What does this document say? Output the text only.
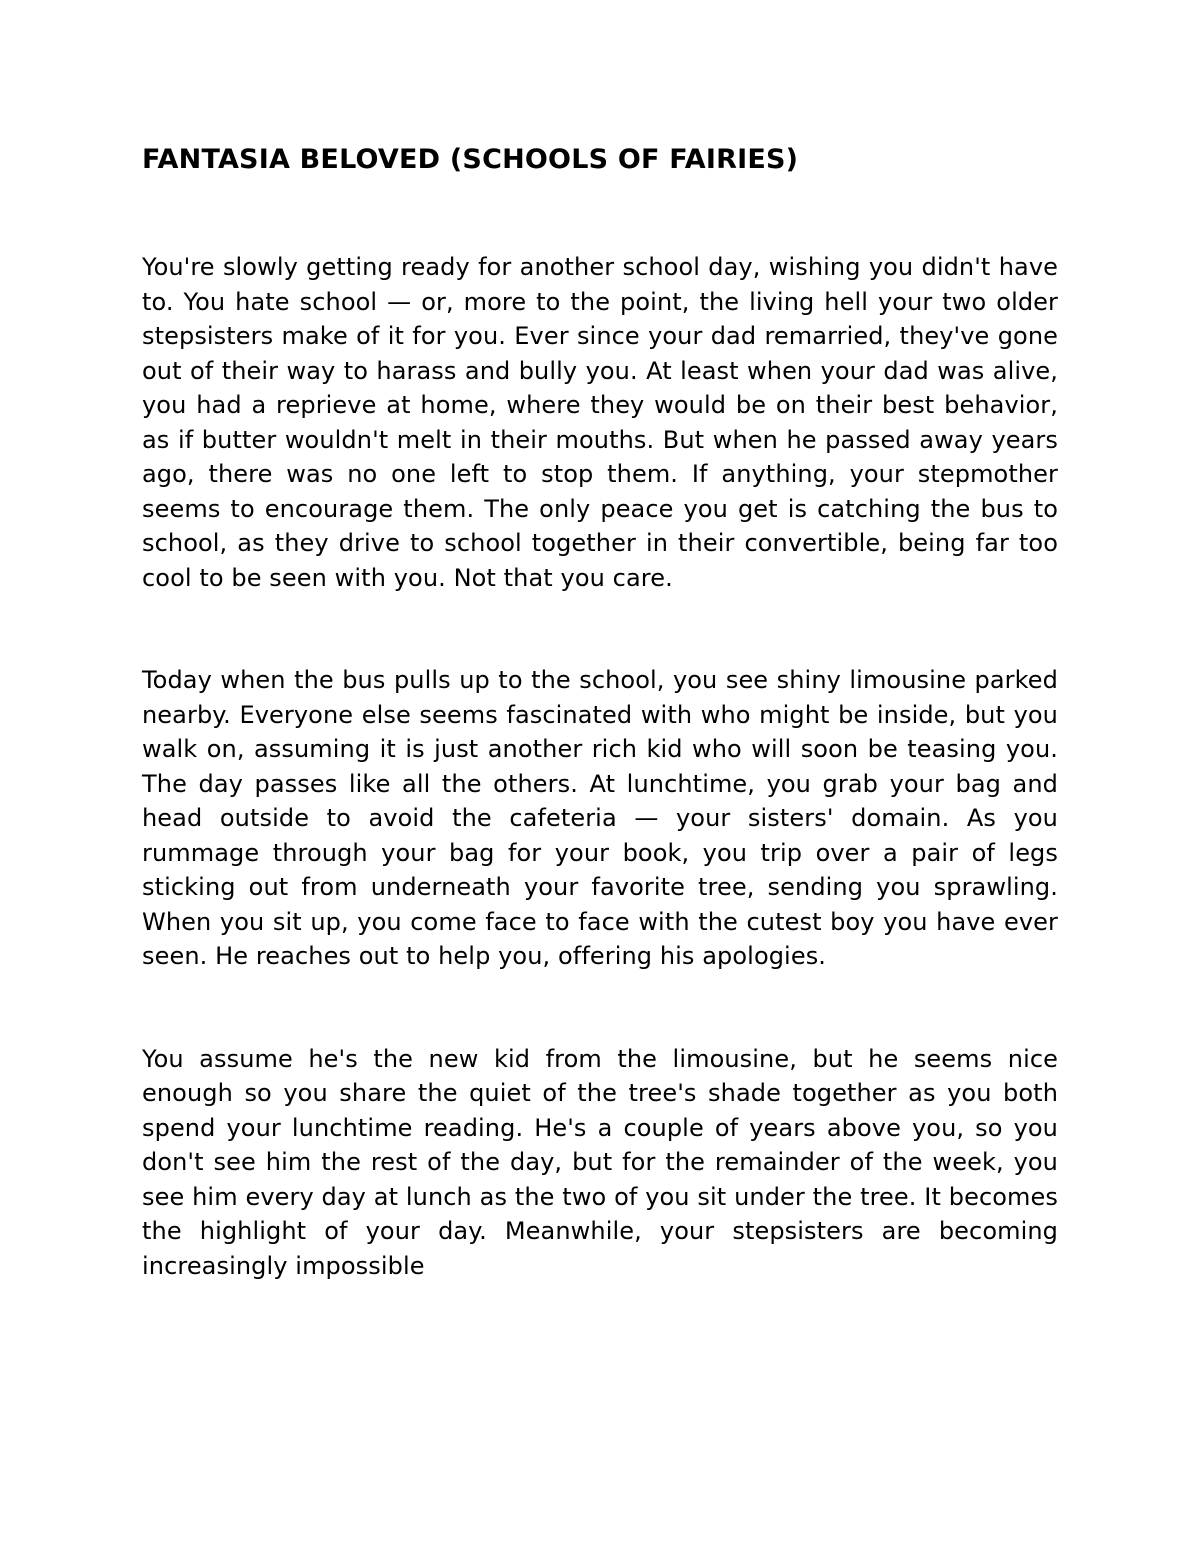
FANTASIA BELOVED (SCHOOLS OF FAIRIES)

You're slowly getting ready for another school day, wishing you didn't have to. You hate school — or, more to the point, the living hell your two older stepsisters make of it for you. Ever since your dad remarried, they've gone out of their way to harass and bully you. At least when your dad was alive, you had a reprieve at home, where they would be on their best behavior, as if butter wouldn't melt in their mouths. But when he passed away years ago, there was no one left to stop them. If anything, your stepmother seems to encourage them. The only peace you get is catching the bus to school, as they drive to school together in their convertible, being far too cool to be seen with you. Not that you care.

Today when the bus pulls up to the school, you see shiny limousine parked nearby. Everyone else seems fascinated with who might be inside, but you walk on, assuming it is just another rich kid who will soon be teasing you. The day passes like all the others. At lunchtime, you grab your bag and head outside to avoid the cafeteria — your sisters' domain. As you rummage through your bag for your book, you trip over a pair of legs sticking out from underneath your favorite tree, sending you sprawling. When you sit up, you come face to face with the cutest boy you have ever seen. He reaches out to help you, offering his apologies.

You assume he's the new kid from the limousine, but he seems nice enough so you share the quiet of the tree's shade together as you both spend your lunchtime reading. He's a couple of years above you, so you don't see him the rest of the day, but for the remainder of the week, you see him every day at lunch as the two of you sit under the tree. It becomes the highlight of your day. Meanwhile, your stepsisters are becoming increasingly impossible
